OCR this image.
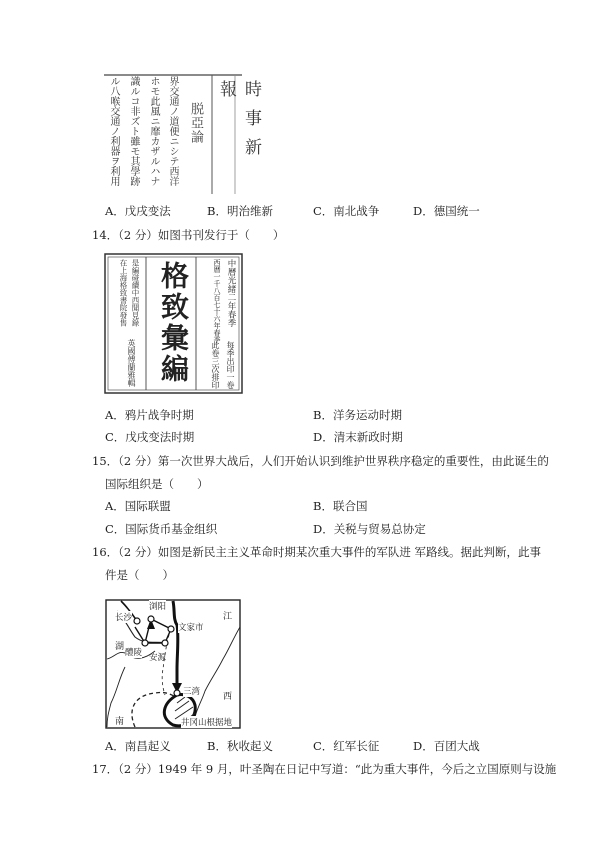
時事新報
脱亞論
界交通ノ道便ニシテ西洋
ホモ此風ニ靡カザルハナ
識ルコ非ズト雖モ其學跡
ル八喉交通ノ利器ヲ利用
A．戊戌变法	B．明治维新	C．南北战争	D．德国统一
14．（2 分）如图书刊发行于（　　）
格致彙編	中曆光緒二年春季
西曆一千八百七十六年春季
每季出印一卷
此卷三次排印
是編碰續中西聞見錄
在上海格致書院發售
英國傅蘭雅輯
A．鸦片战争时期	B．洋务运动时期
C．戊戌变法时期	D．清末新政时期
15．（2 分）第一次世界大战后，人们开始认识到维护世界秩序稳定的重要性，由此诞生的
国际组织是（　　）
A．国际联盟	B．联合国
C．国际货币基金组织	D．关税与贸易总协定
16．（2 分）如图是新民主主义革命时期某次重大事件的军队进 军路线。据此判断，此事
件是（　　）
浏阳
长沙
文家市
醴陵 安源
三湾
井冈山根据地
江
西
湖
南
A．南昌起义	B．秋收起义	C．红军长征	D．百团大战
17．（2 分）1949 年 9 月，叶圣陶在日记中写道：“此为重大事件，今后之立国原则与设施
